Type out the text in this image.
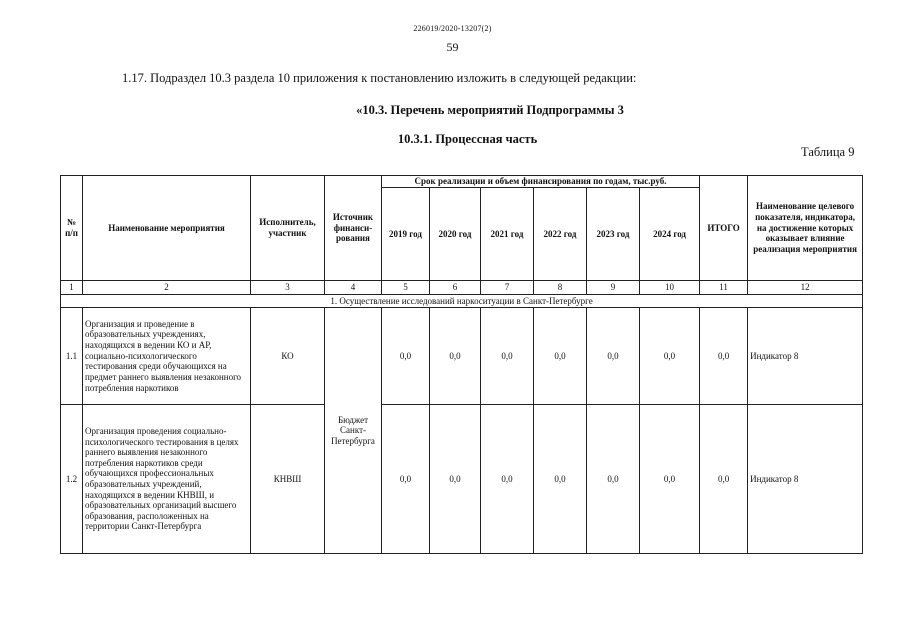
226019/2020-13207(2)
59
1.17. Подраздел 10.3 раздела 10 приложения к постановлению изложить в следующей редакции:
«10.3. Перечень мероприятий Подпрограммы 3
10.3.1. Процессная часть
Таблица 9
№ п/п	Наименование мероприятия	Исполнитель, участник	Источник финанси-рования	Срок реализации и объем финансирования по годам, тыс.руб.						ИТОГО	Наименование целевого показателя, индикатора, на достижение которых оказывает влияние реализация мероприятия
				2019 год	2020 год	2021 год	2022 год	2023 год	2024 год		
1	2	3	4	5	6	7	8	9	10	11	12
1. Осуществление исследований наркоситуации в Санкт-Петербурге											
1.1	Организация и проведение в образовательных учреждениях, находящихся в ведении КО и АР, социально-психологического тестирования среди обучающихся на предмет раннего выявления незаконного потребления наркотиков	КО	Бюджет Санкт-Петербурга	0,0	0,0	0,0	0,0	0,0	0,0	0,0	Индикатор 8
1.2	Организация проведения социально-психологического тестирования в целях раннего выявления незаконного потребления наркотиков среди обучающихся профессиональных образовательных учреждений, находящихся в ведении КНВШ, и образовательных организаций высшего образования, расположенных на территории Санкт-Петербурга	КНВШ		0,0	0,0	0,0	0,0	0,0	0,0	0,0	Индикатор 8
